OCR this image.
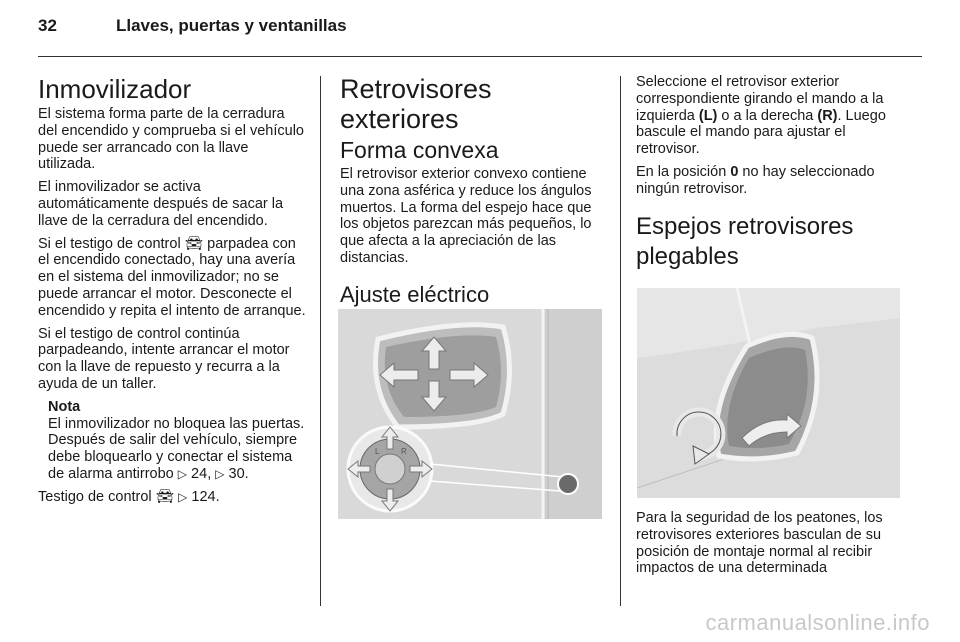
32	Llaves, puertas y ventanillas
Inmovilizador

El sistema forma parte de la cerradura del encendido y comprueba si el vehículo puede ser arrancado con la llave utilizada.

El inmovilizador se activa automáticamente después de sacar la llave de la cerradura del encendido.

Si el testigo de control 🚘︎ parpadea con el encendido conectado, hay una avería en el sistema del inmovilizador; no se puede arrancar el motor. Desconecte el encendido y repita el intento de arranque.

Si el testigo de control continúa parpadeando, intente arrancar el motor con la llave de repuesto y recurra a la ayuda de un taller.

Nota
El inmovilizador no bloquea las puertas. Después de salir del vehículo, siempre debe bloquearlo y conectar el sistema de alarma antirrobo ▷ 24, ▷ 30.

Testigo de control 🚘︎ ▷ 124.

Retrovisores exteriores
Forma convexa

El retrovisor exterior convexo contiene una zona asférica y reduce los ángulos muertos. La forma del espejo hace que los objetos parezcan más pequeños, lo que afecta a la apreciación de las distancias.

Ajuste eléctrico
L	R

Seleccione el retrovisor exterior correspondiente girando el mando a la izquierda (L) o a la derecha (R). Luego bascule el mando para ajustar el retrovisor.

En la posición 0 no hay seleccionado ningún retrovisor.

Espejos retrovisores plegables

Para la seguridad de los peatones, los retrovisores exteriores basculan de su posición de montaje normal al recibir impactos de una determinada

carmanualsonline.info
